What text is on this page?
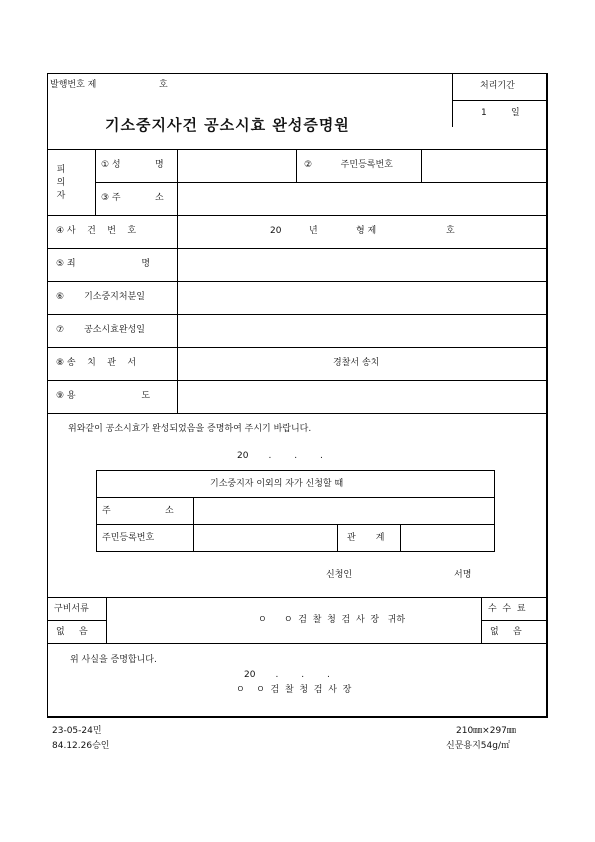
발행번호 제	호	처리기간
1	일
기소중지사건 공소시효 완성증명원
피
의
자
① 성            명	②          주민등록번호
③ 주            소
④ 사    건    번    호	20	년	형 제	호
⑤ 죄                       명
⑥       기소중지처분일
⑦       공소시효완성일
⑧ 송    치    관    서	경찰서 송치
⑨ 용                       도
위와같이 공소시효가 완성되었음을 증명하여 주시기 바랍니다.
20       .        .        .
기소중지자 이외의 자가 신청할 때
주                   소
주민등록번호	관       계
신청인	서명
구비서류
없     음
ㅇ      ㅇ  검  찰  청  검  사  장   귀하
수  수  료
없     음
위 사실을 증명합니다.
20       .        .        .
ㅇ    ㅇ  검  찰  청  검  사  장
23-05-24민
84.12.26승인
210㎜×297㎜
신문용지54g/㎡
